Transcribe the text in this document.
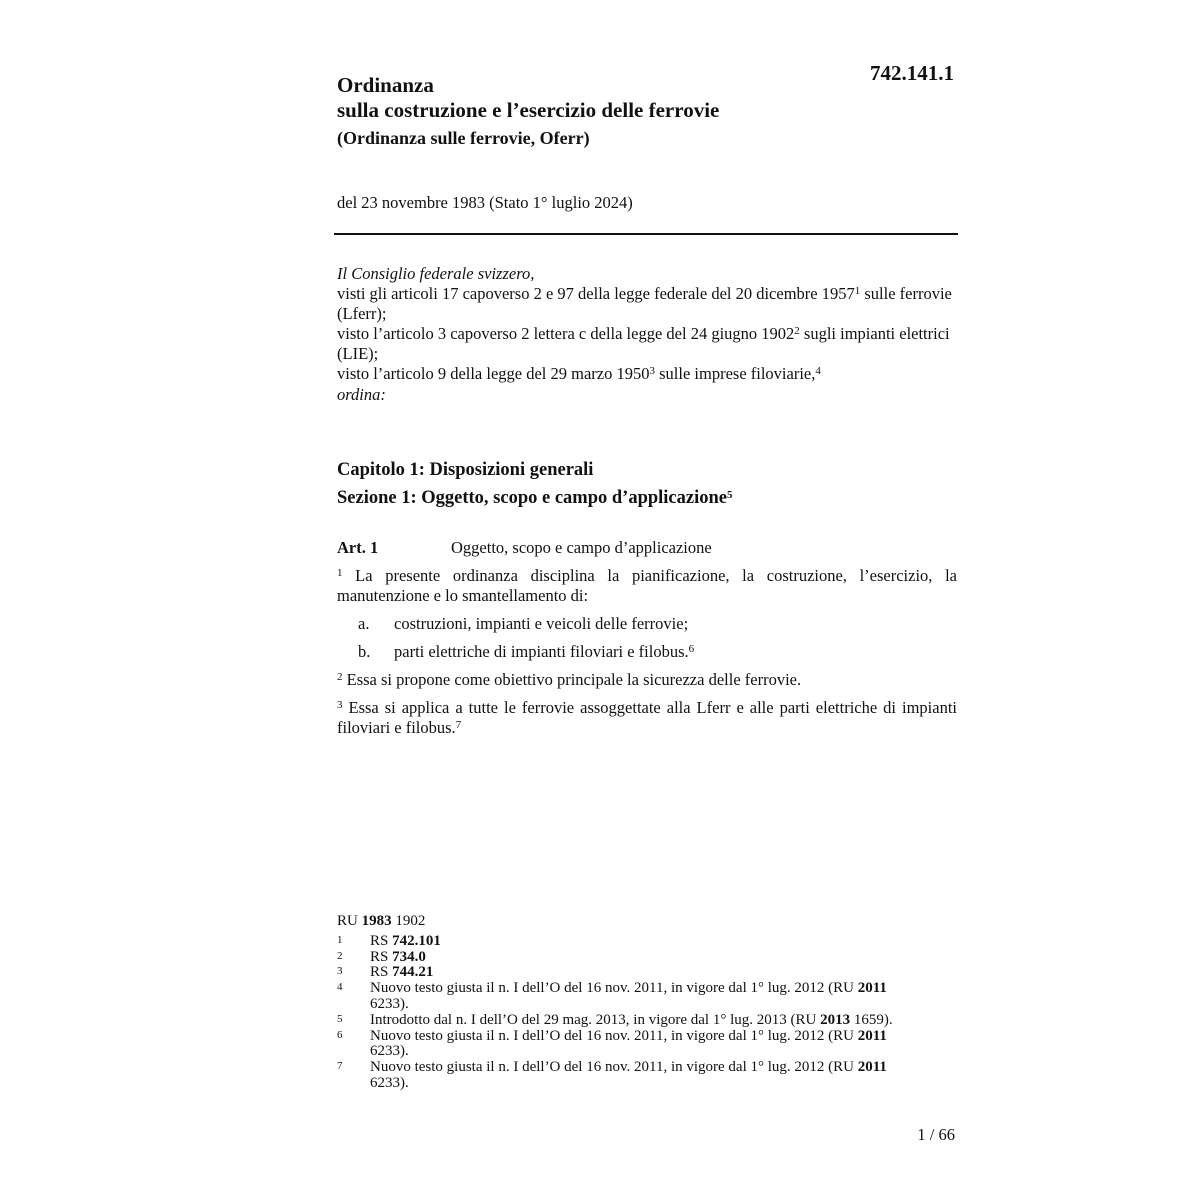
742.141.1

Ordinanza

sulla costruzione e l’esercizio delle ferrovie

(Ordinanza sulle ferrovie, Oferr)

del 23 novembre 1983 (Stato 1° luglio 2024)

Il Consiglio federale svizzero,

visti gli articoli 17 capoverso 2 e 97 della legge federale del 20 dicembre 1957$^1$ sulle ferrovie (Lferr);

visto l’articolo 3 capoverso 2 lettera c della legge del 24 giugno 1902$^2$ sugli impianti elettrici (LIE);

visto l’articolo 9 della legge del 29 marzo 1950$^3$ sulle imprese filoviarie,$^4$

ordina:

Capitolo 1: Disposizioni generali
Sezione 1: Oggetto, scopo e campo d’applicazione$^5$
Art. 1	Oggetto, scopo e campo d’applicazione

$^1$ La presente ordinanza disciplina la pianificazione, la costruzione, l’esercizio, la manutenzione e lo smantellamento di:

a.	costruzioni, impianti e veicoli delle ferrovie;
b.	parti elettriche di impianti filoviari e filobus.$^6$

$^2$ Essa si propone come obiettivo principale la sicurezza delle ferrovie.

$^3$ Essa si applica a tutte le ferrovie assoggettate alla Lferr e alle parti elettriche di impianti filoviari e filobus.$^7$

RU 1983 1902
1	RS 742.101
2	RS 734.0
3	RS 744.21
4	Nuovo testo giusta il n. I dell’O del 16 nov. 2011, in vigore dal 1° lug. 2012 (RU 2011 6233).
5	Introdotto dal n. I dell’O del 29 mag. 2013, in vigore dal 1° lug. 2013 (RU 2013 1659).
6	Nuovo testo giusta il n. I dell’O del 16 nov. 2011, in vigore dal 1° lug. 2012 (RU 2011 6233).
7	Nuovo testo giusta il n. I dell’O del 16 nov. 2011, in vigore dal 1° lug. 2012 (RU 2011 6233).
1 / 66
